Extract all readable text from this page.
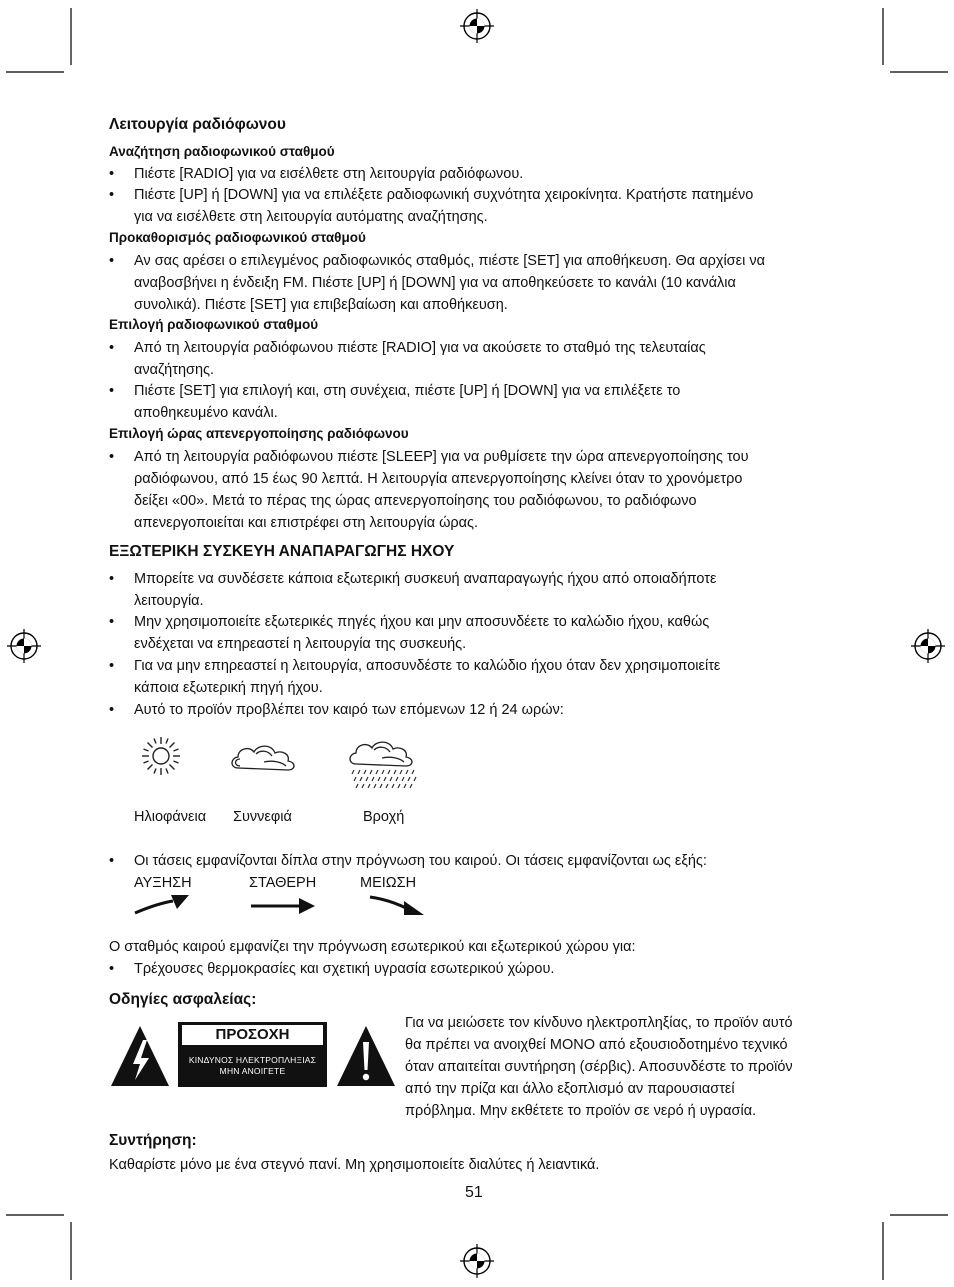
Λειτουργία ραδιόφωνου
Αναζήτηση ραδιοφωνικού σταθμού
• Πιέστε [RADIO] για να εισέλθετε στη λειτουργία ραδιόφωνου.
• Πιέστε [UP] ή [DOWN] για να επιλέξετε ραδιοφωνική συχνότητα χειροκίνητα. Κρατήστε πατημένο
για να εισέλθετε στη λειτουργία αυτόματης αναζήτησης.
Προκαθορισμός ραδιοφωνικού σταθμού
• Αν σας αρέσει ο επιλεγμένος ραδιοφωνικός σταθμός, πιέστε [SET] για αποθήκευση. Θα αρχίσει να
αναβοσβήνει η ένδειξη FM. Πιέστε [UP] ή [DOWN] για να αποθηκεύσετε το κανάλι (10 κανάλια
συνολικά). Πιέστε [SET] για επιβεβαίωση και αποθήκευση.
Επιλογή ραδιοφωνικού σταθμού
• Από τη λειτουργία ραδιόφωνου πιέστε [RADIO] για να ακούσετε το σταθμό της τελευταίας
αναζήτησης.
• Πιέστε [SET] για επιλογή και, στη συνέχεια, πιέστε [UP] ή [DOWN] για να επιλέξετε το
αποθηκευμένο κανάλι.
Επιλογή ώρας απενεργοποίησης ραδιόφωνου
• Από τη λειτουργία ραδιόφωνου πιέστε [SLEEP] για να ρυθμίσετε την ώρα απενεργοποίησης του
ραδιόφωνου, από 15 έως 90 λεπτά. Η λειτουργία απενεργοποίησης κλείνει όταν το χρονόμετρο
δείξει «00». Μετά το πέρας της ώρας απενεργοποίησης του ραδιόφωνου, το ραδιόφωνο
απενεργοποιείται και επιστρέφει στη λειτουργία ώρας.
ΕΞΩΤΕΡΙΚΗ ΣΥΣΚΕΥΗ ΑΝΑΠΑΡΑΓΩΓΗΣ ΗΧΟΥ
• Μπορείτε να συνδέσετε κάποια εξωτερική συσκευή αναπαραγωγής ήχου από οποιαδήποτε
λειτουργία.
• Μην χρησιμοποιείτε εξωτερικές πηγές ήχου και μην αποσυνδέετε το καλώδιο ήχου, καθώς
ενδέχεται να επηρεαστεί η λειτουργία της συσκευής.
• Για να μην επηρεαστεί η λειτουργία, αποσυνδέστε το καλώδιο ήχου όταν δεν χρησιμοποιείτε
κάποια εξωτερική πηγή ήχου.
• Αυτό το προϊόν προβλέπει τον καιρό των επόμενων 12 ή 24 ωρών:
Ηλιοφάνεια Συννεφιά	Βροχή
• Οι τάσεις εμφανίζονται δίπλα στην πρόγνωση του καιρού. Οι τάσεις εμφανίζονται ως εξής:
ΑΥΞΗΣΗ	ΣΤΑΘΕΡΗ	ΜΕΙΩΣΗ
Ο σταθμός καιρού εμφανίζει την πρόγνωση εσωτερικού και εξωτερικού χώρου για:
• Τρέχουσες θερμοκρασίες και σχετική υγρασία εσωτερικού χώρου.
Οδηγίες ασφαλείας:
ΠΡΟΣΟΧΗ
ΚΙΝΔΥΝΟΣ ΗΛΕΚΤΡΟΠΛΗΞΙΑΣ
ΜΗΝ ΑΝΟΙΓΕΤΕ
Για να μειώσετε τον κίνδυνο ηλεκτροπληξίας, το προϊόν αυτό
θα πρέπει να ανοιχθεί ΜΟΝΟ από εξουσιοδοτημένο τεχνικό
όταν απαιτείται συντήρηση (σέρβις). Αποσυνδέστε το προϊόν
από την πρίζα και άλλο εξοπλισμό αν παρουσιαστεί
πρόβλημα. Μην εκθέτετε το προϊόν σε νερό ή υγρασία.
Συντήρηση:
Καθαρίστε μόνο με ένα στεγνό πανί. Μη χρησιμοποιείτε διαλύτες ή λειαντικά.
51
